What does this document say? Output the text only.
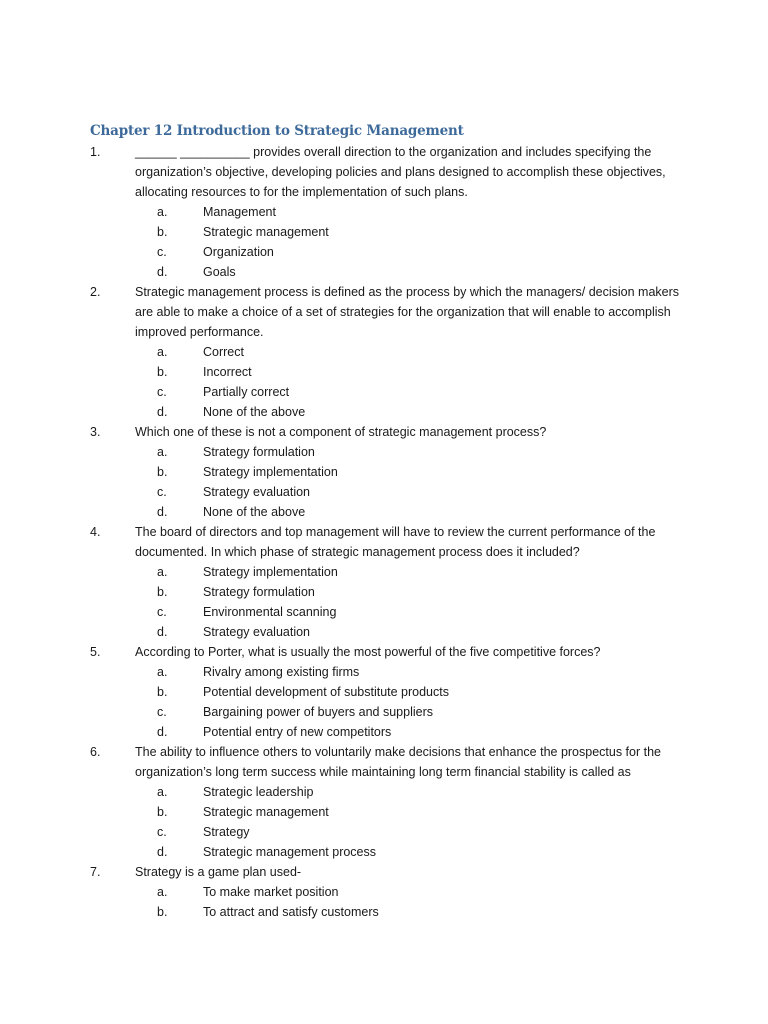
Chapter 12 Introduction to Strategic Management
1.	______ __________ provides overall direction to the organization and includes specifying the organization’s objective, developing policies and plans designed to accomplish these objectives, allocating resources to for the implementation of such plans.
a.	Management
b.	Strategic management
c.	Organization
d.	Goals
2.	Strategic management process is defined as the process by which the managers/ decision makers are able to make a choice of a set of strategies for the organization that will enable to accomplish improved performance.
a.	Correct
b.	Incorrect
c.	Partially correct
d.	None of the above
3.	Which one of these is not a component of strategic management process?
a.	Strategy formulation
b.	Strategy implementation
c.	Strategy evaluation
d.	None of the above
4.	The board of directors and top management will have to review the current performance of the documented. In which phase of strategic management process does it included?
a.	Strategy implementation
b.	Strategy formulation
c.	Environmental scanning
d.	Strategy evaluation
5.	According to Porter, what is usually the most powerful of the five competitive forces?
a.	Rivalry among existing firms
b.	Potential development of substitute products
c.	Bargaining power of buyers and suppliers
d.	Potential entry of new competitors
6.	The ability to influence others to voluntarily make decisions that enhance the prospectus for the organization’s long term success while maintaining long term financial stability is called as
a.	Strategic leadership
b.	Strategic management
c.	Strategy
d.	Strategic management process
7.	Strategy is a game plan used-
a.	To make market position
b.	To attract and satisfy customers
